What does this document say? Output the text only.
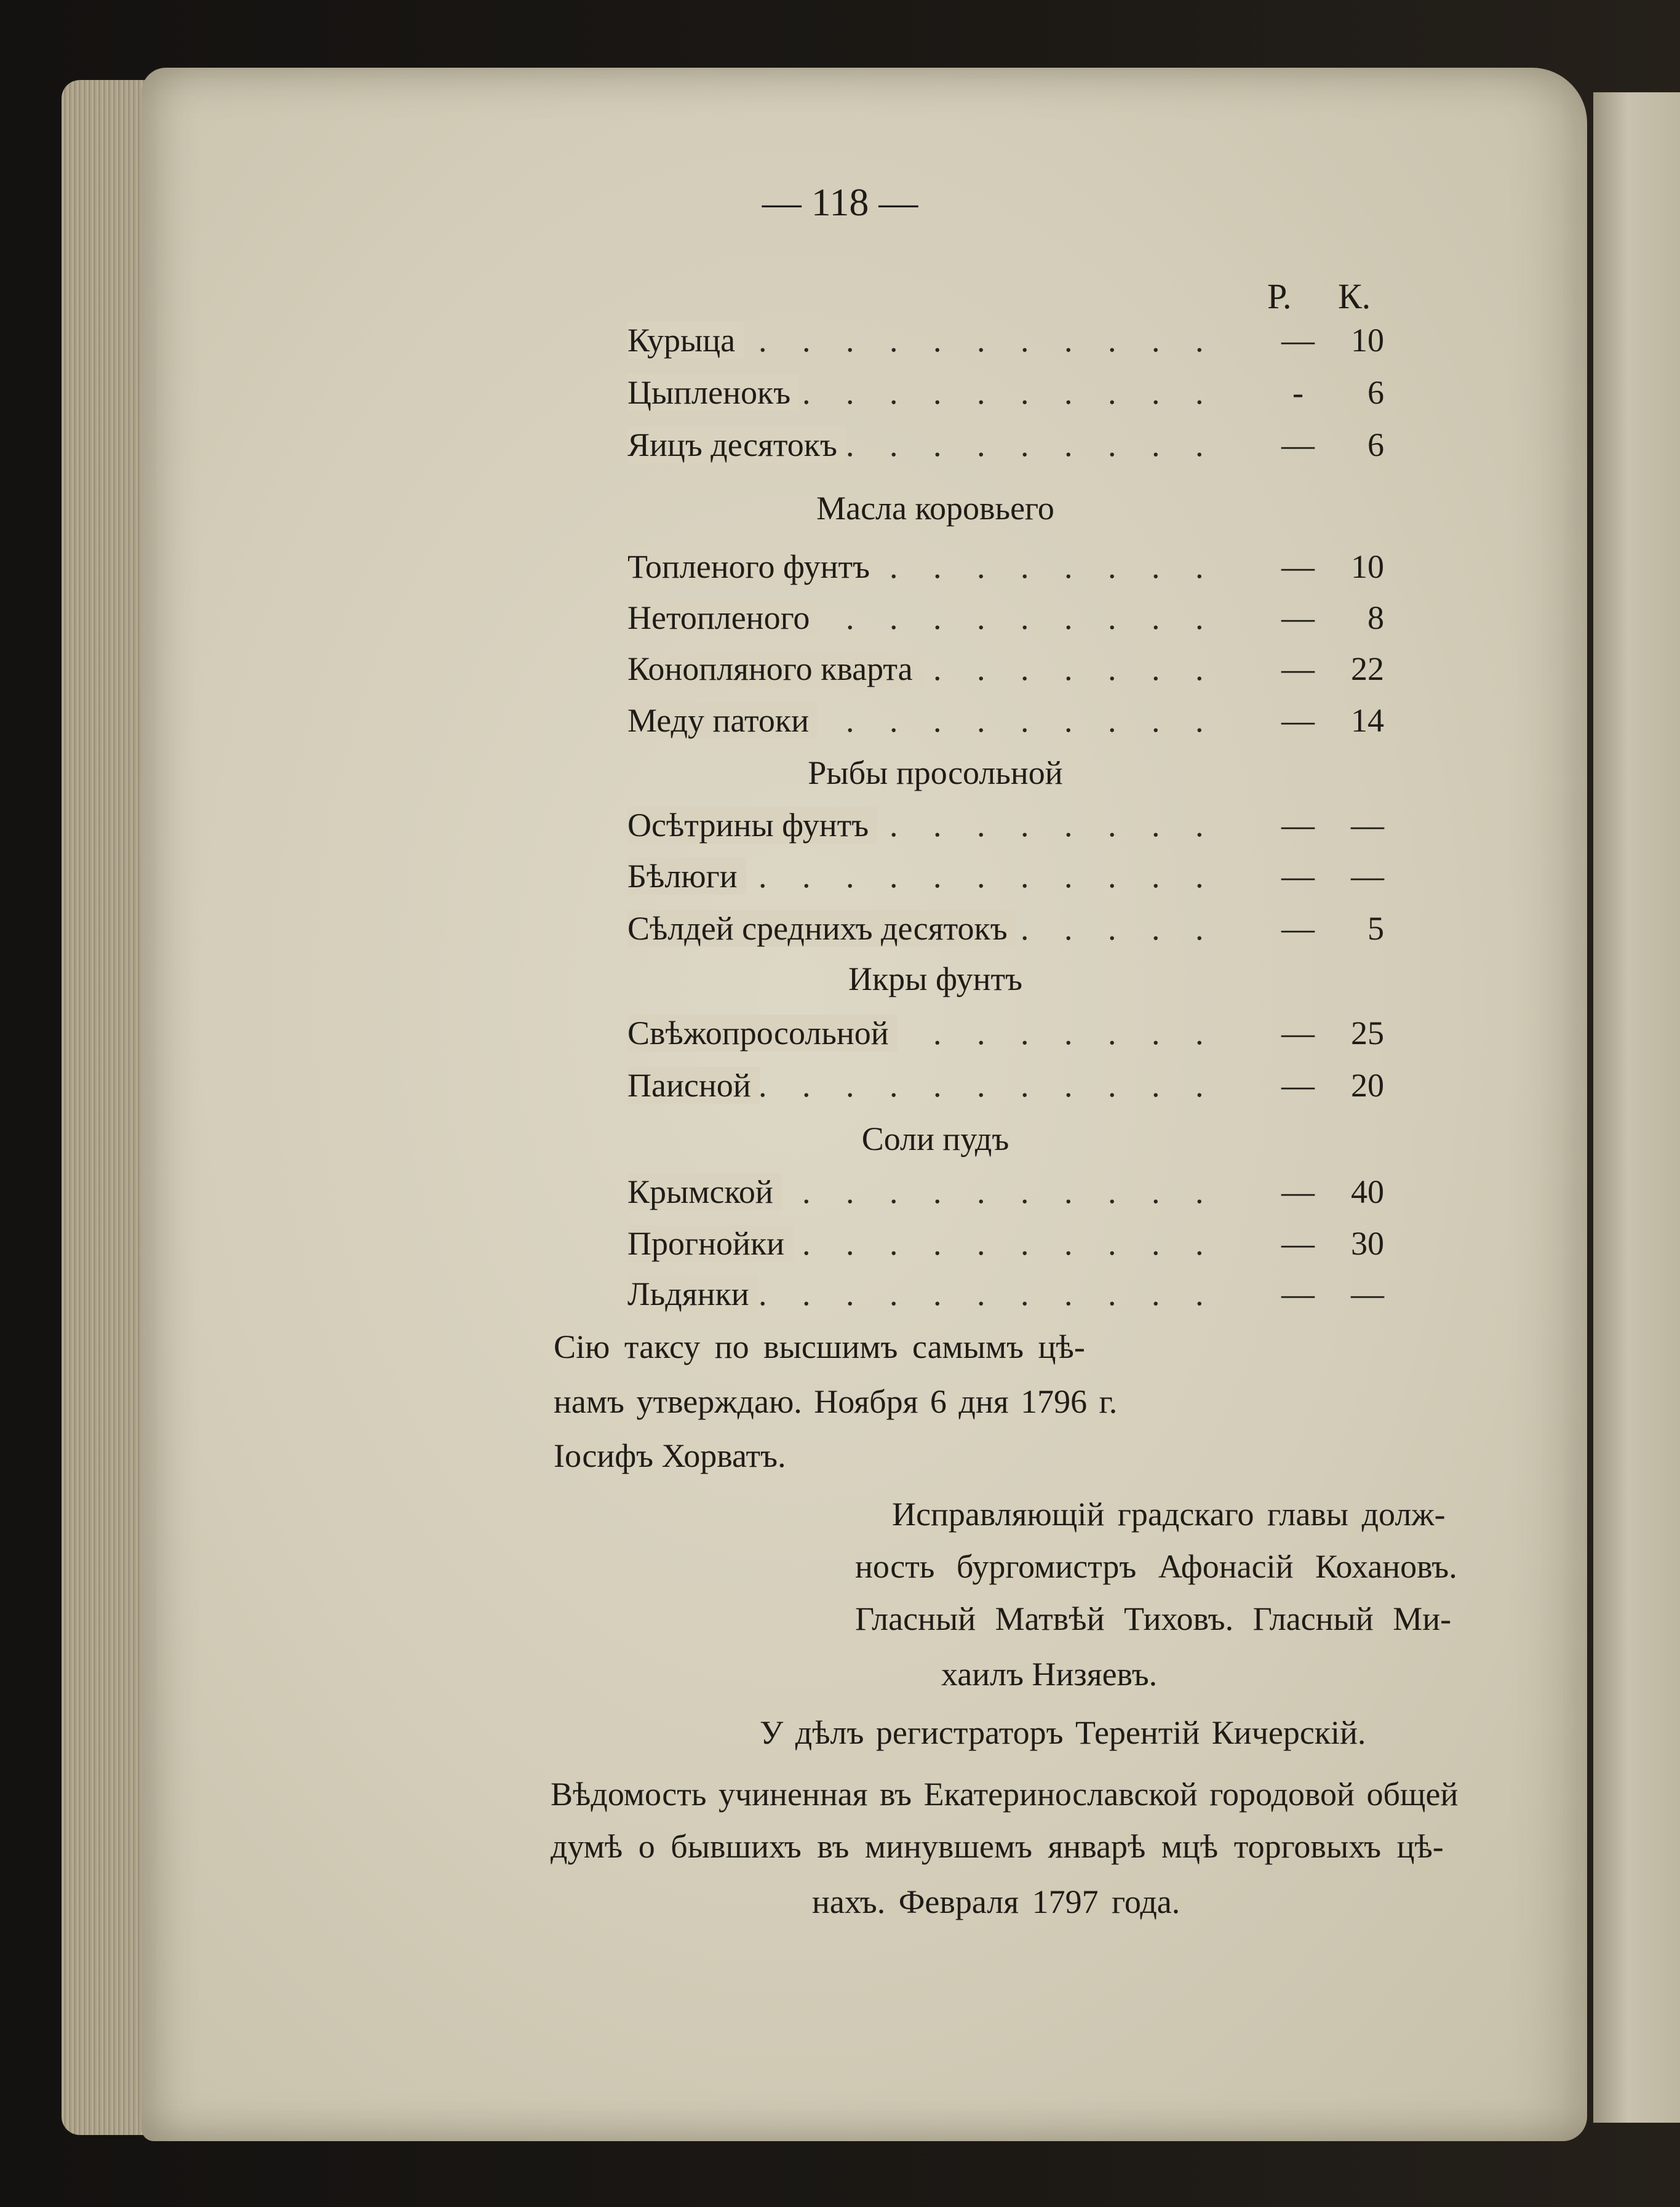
— 118 —
Р. К.
. . .
Курыца	—	10
. . .
Цыпленокъ	-	6
. . .
Яицъ десятокъ	—	6
Масла коровьего
. . .
Топленого фунтъ	—	10
. . .
Нетопленого	—	8
. . .
Конопляного кварта	—	22
. . .
Меду патоки	—	14
Рыбы просольной
. . .
Осѣтрины фунтъ	—	—
. . .
Бѣлюги	—	—
. . .
Сѣлдей среднихъ десятокъ	—	5
Икры фунтъ
. . .
Свѣжопросольной	—	25
. . .
Паисной	—	20
Соли пудъ
. . .
Крымской	—	40
. . .
Прогнойки	—	30
. . .
Льдянки	—	—
Сію таксу по высшимъ самымъ цѣ-
намъ утверждаю. Ноября 6 дня 1796 г.
Іосифъ Хорватъ.
Исправляющій градскаго главы долж-
ность бургомистръ Афонасій Кохановъ.
Гласный Матвѣй Тиховъ. Гласный Ми-
хаилъ Низяевъ.
У дѣлъ регистраторъ Терентій Кичерскій.
Вѣдомость учиненная въ Екатеринославской городовой общей
думѣ о бывшихъ въ минувшемъ январѣ мцѣ торговыхъ цѣ-
нахъ. Февраля 1797 года.
